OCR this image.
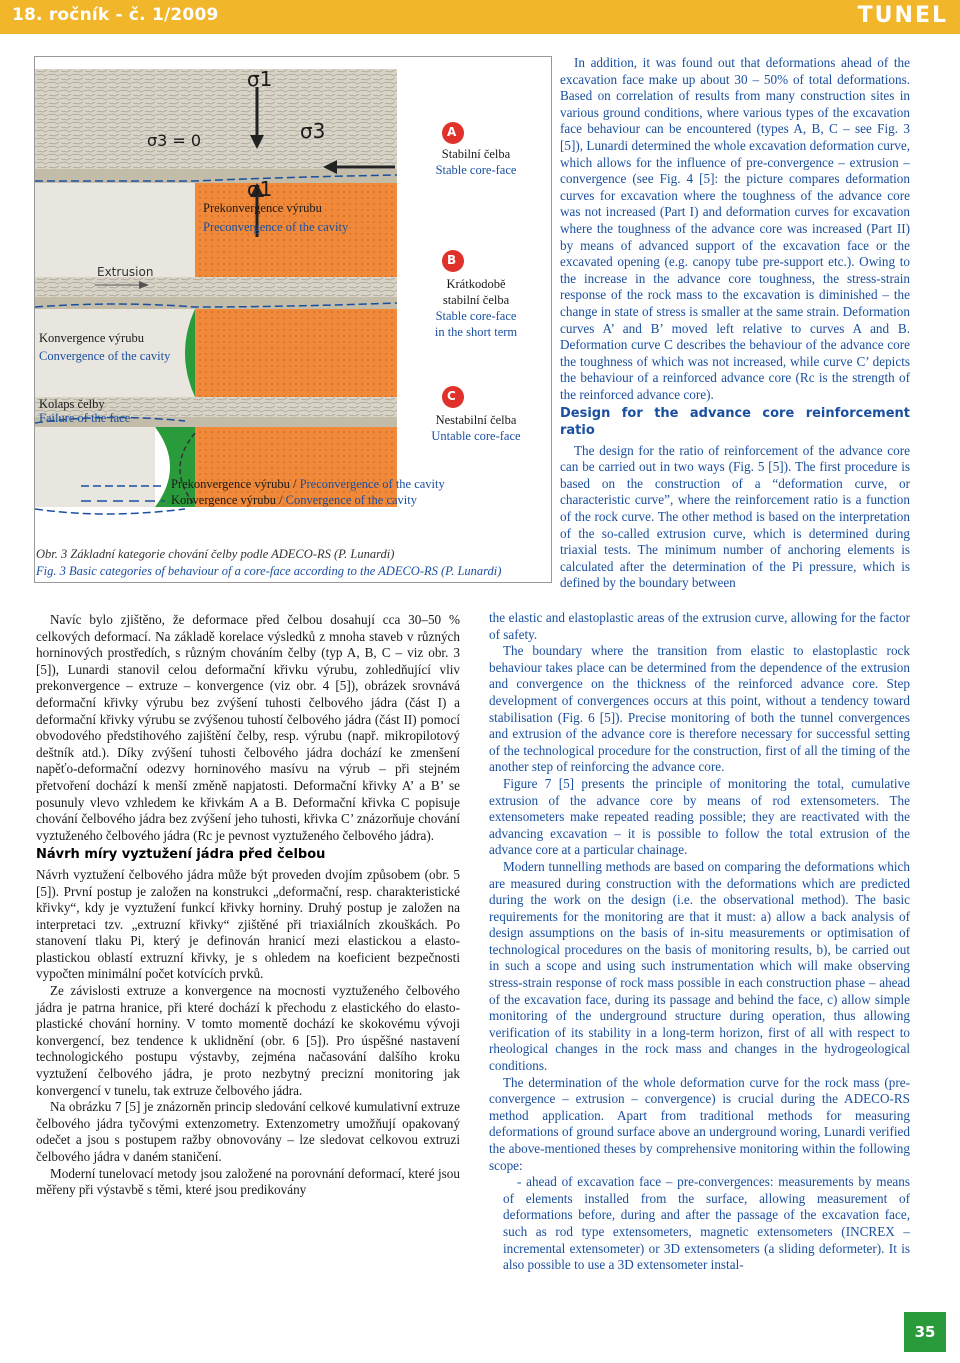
18. ročník - č. 1/2009	TUNEL
σ1
σ3 = 0	σ3
σ1
Extrusion
Prekonvergence výrubu
Preconvergence of the cavity
Konvergence výrubu
Convergence of the cavity
Kolaps čelby
Failure of the face
A
Stabilní čelba
Stable core-face
B
Krátkodobě
stabilní čelba
Stable core-face
in the short term
C
Nestabilní čelba
Untable core-face
Prekonvergence výrubu / Preconvergence of the cavity
Konvergence výrubu / Convergence of the cavity
Obr. 3 Základní kategorie chování čelby podle ADECO-RS (P. Lunardi)
Fig. 3 Basic categories of behaviour of a core-face according to the ADECO-RS (P. Lunardi)

Navíc bylo zjištěno, že deformace před čelbou dosahují cca 30–50 % celkových deformací. Na základě korelace výsledků z mnoha staveb v různých horninových prostředích, s různým chováním čelby (typ A, B, C – viz obr. 3 [5]), Lunardi stanovil celou deformační křivku výrubu, zohledňující vliv prekonvergence – extruze – konvergence (viz obr. 4 [5]), obrázek srovnává deformační křivky výrubu bez zvýšení tuhosti čelbového jádra (část I) a deformační křivky výrubu se zvýšenou tuhostí čelbového jádra (část II) pomocí obvodového předstihového zajištění čelby, resp. výrubu (např. mikropilotový deštník atd.). Díky zvýšení tuhosti čelbového jádra dochází ke zmenšení napěťo-deformační odezvy horninového masívu na výrub – při stejném přetvoření dochází k menší změně napjatosti. Deformační křivky A’ a B’ se posunuly vlevo vzhledem ke křivkám A a B. Deformační křivka C popisuje chování čelbového jádra bez zvýšení jeho tuhosti, křivka C’ znázorňuje chování vyztuženého čelbového jádra (Rc je pevnost vyztuženého čelbového jádra).

Návrh míry vyztužení jádra před čelbou

Návrh vyztužení čelbového jádra může být proveden dvojím způsobem (obr. 5 [5]). První postup je založen na konstrukci „deformační, resp. charakteristické křivky“, kdy je vyztužení funkcí křivky horniny. Druhý postup je založen na interpretaci tzv. „extruzní křivky“ zjištěné při triaxiálních zkouškách. Po stanovení tlaku Pi, který je definován hranicí mezi elastickou a elasto-plastickou oblastí extruzní křivky, je s ohledem na koeficient bezpečnosti vypočten minimální počet kotvících prvků.

Ze závislosti extruze a konvergence na mocnosti vyztuženého čelbového jádra je patrna hranice, při které dochází k přechodu z elastického do elasto-plastické chování horniny. V tomto momentě dochází ke skokovému vývoji konvergencí, bez tendence k uklidnění (obr. 6 [5]). Pro úspěšné nastavení technologického postupu výstavby, zejména načasování dalšího kroku vyztužení čelbového jádra, je proto nezbytný precizní monitoring jak konvergencí v tunelu, tak extruze čelbového jádra.

Na obrázku 7 [5] je znázorněn princip sledování celkové kumulativní extruze čelbového jádra tyčovými extenzometry. Extenzometry umožňují opakovaný odečet a jsou s postupem ražby obnovovány – lze sledovat celkovou extruzi čelbového jádra v daném staničení.

Moderní tunelovací metody jsou založené na porovnání deformací, které jsou měřeny při výstavbě s těmi, které jsou predikovány

In addition, it was found out that deformations ahead of the excavation face make up about 30 – 50% of total deformations. Based on correlation of results from many construction sites in various ground conditions, where various types of the excavation face behaviour can be encountered (types A, B, C – see Fig. 3 [5]), Lunardi determined the whole excavation deformation curve, which allows for the influence of pre-convergence – extrusion – convergence (see Fig. 4 [5]: the picture compares deformation curves for excavation where the toughness of the advance core was not increased (Part I) and deformation curves for excavation where the toughness of the advance core was increased (Part II) by means of advanced support of the excavation face or the excavated opening (e.g. canopy tube pre-support etc.). Owing to the increase in the advance core toughness, the stress-strain response of the rock mass to the excavation is diminished – the change in state of stress is smaller at the same strain. Deformation curves A’ and B’ moved left relative to curves A and B. Deformation curve C describes the behaviour of the advance core the toughness of which was not increased, while curve C’ depicts the behaviour of a reinforced advance core (Rc is the strength of the reinforced advance core).

Design for the advance core reinforcement ratio

The design for the ratio of reinforcement of the advance core can be carried out in two ways (Fig. 5 [5]). The first procedure is based on the construction of a “deformation curve, or characteristic curve”, where the reinforcement ratio is a function of the rock curve. The other method is based on the interpretation of the so-called extrusion curve, which is determined during triaxial tests. The minimum number of anchoring elements is calculated after the determination of the Pi pressure, which is defined by the boundary between

the elastic and elastoplastic areas of the extrusion curve, allowing for the factor of safety.

The boundary where the transition from elastic to elastoplastic rock behaviour takes place can be determined from the dependence of the extrusion and convergence on the thickness of the reinforced advance core. Step development of convergences occurs at this point, without a tendency toward stabilisation (Fig. 6 [5]). Precise monitoring of both the tunnel convergences and extrusion of the advance core is therefore necessary for successful setting of the technological procedure for the construction, first of all the timing of the another step of reinforcing the advance core.

Figure 7 [5] presents the principle of monitoring the total, cumulative extrusion of the advance core by means of rod extensometers. The extensometers make repeated reading possible; they are reactivated with the advancing excavation – it is possible to follow the total extrusion of the advance core at a particular chainage.

Modern tunnelling methods are based on comparing the deformations which are measured during construction with the deformations which are predicted during the work on the design (i.e. the observational method). The basic requirements for the monitoring are that it must: a) allow a back analysis of design assumptions on the basis of in-situ measurements or optimisation of technological procedures on the basis of monitoring results, b), be carried out in such a scope and using such instrumentation which will make observing stress-strain response of rock mass possible in each construction phase – ahead of the excavation face, during its passage and behind the face, c) allow simple monitoring of the underground structure during operation, thus allowing verification of its stability in a long-term horizon, first of all with respect to rheological changes in the rock mass and changes in the hydrogeological conditions.

The determination of the whole deformation curve for the rock mass (pre-convergence – extrusion – convergence) is crucial during the ADECO-RS method application. Apart from traditional methods for measuring deformations of ground surface above an underground woring, Lunardi verified the above-mentioned theses by comprehensive monitoring within the following scope:

- ahead of excavation face – pre-convergences: measurements by means of elements installed from the surface, allowing measurement of deformations before, during and after the passage of the excavation face, such as rod type extensometers, magnetic extensometers (INCREX – incremental extensometer) or 3D extensometers (a sliding deformeter). It is also possible to use a 3D extensometer instal-

35
